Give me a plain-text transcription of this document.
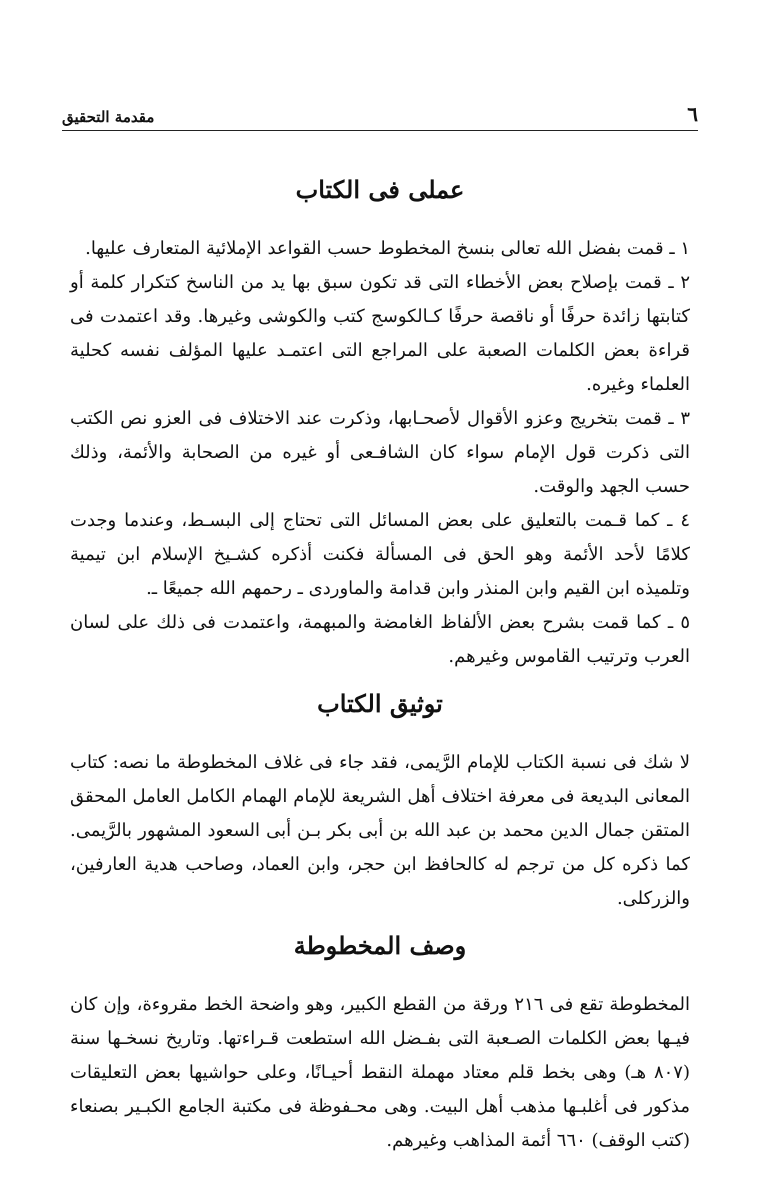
٦
مقدمة التحقيق
عملى فى الكتاب

١ ـ قمت بفضل الله تعالى بنسخ المخطوط حسب القواعد الإملائية المتعارف عليها.

٢ ـ قمت بإصلاح بعض الأخطاء التى قد تكون سبق بها يد من الناسخ كتكرار كلمة أو كتابتها زائدة حرفًا أو ناقصة حرفًا كـالكوسج كتب والكوشى وغيرها. وقد اعتمدت فى قراءة بعض الكلمات الصعبة على المراجع التى اعتمـد عليها المؤلف نفسه كحلية العلماء وغيره.

٣ ـ قمت بتخريج وعزو الأقوال لأصحـابها، وذكرت عند الاختلاف فى العزو نص الكتب التى ذكرت قول الإمام سواء كان الشافـعى أو غيره من الصحابة والأئمة، وذلك حسب الجهد والوقت.

٤ ـ كما قـمت بالتعليق على بعض المسائل التى تحتاج إلى البسـط، وعندما وجدت كلامًا لأحد الأئمة وهو الحق فى المسألة فكنت أذكره كشـيخ الإسلام ابن تيمية وتلميذه ابن القيم وابن المنذر وابن قدامة والماوردى ـ رحمهم الله جميعًا ـ.

٥ ـ كما قمت بشرح بعض الألفاظ الغامضة والمبهمة، واعتمدت فى ذلك على لسان العرب وترتيب القاموس وغيرهم.

توثيق الكتاب

لا شك فى نسبة الكتاب للإمام الرَّيمى، فقد جاء فى غلاف المخطوطة ما نصه: كتاب المعانى البديعة فى معرفة اختلاف أهل الشريعة للإمام الهمام الكامل العامل المحقق المتقن جمال الدين محمد بن عبد الله بن أبى بكر بـن أبى السعود المشهور بالرَّيمى. كما ذكره كل من ترجم له كالحافظ ابن حجر، وابن العماد، وصاحب هدية العارفين، والزركلى.

وصف المخطوطة

المخطوطة تقع فى ٢١٦ ورقة من القطع الكبير، وهو واضحة الخط مقروءة، وإن كان فيـها بعض الكلمات الصـعبة التى بفـضل الله استطعت قـراءتها. وتاريخ نسخـها سنة (٨٠٧ هـ) وهى بخط قلم معتاد مهملة النقط أحيـانًا، وعلى حواشيها بعض التعليقات مذكور فى أغلبـها مذهب أهل البيت. وهى محـفوظة فى مكتبة الجامع الكبـير بصنعاء (كتب الوقف) ٦٦٠ أئمة المذاهب وغيرهم.
